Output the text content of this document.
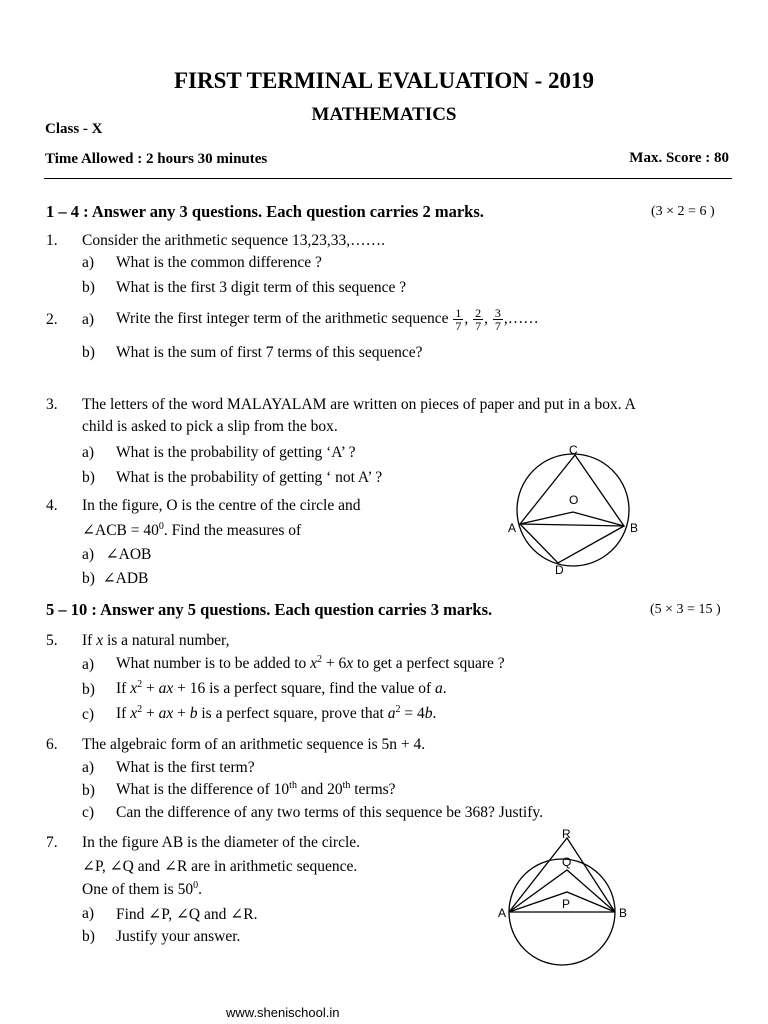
FIRST TERMINAL EVALUATION - 2019
MATHEMATICS
Class - X
Time Allowed : 2 hours 30 minutes	Max. Score : 80
1 – 4 : Answer any 3 questions. Each question carries 2 marks.	(3 × 2 = 6 )
1. Consider the arithmetic sequence 13,23,33,…….
a) What is the common difference ?
b) What is the first 3 digit term of this sequence ?
2. a) Write the first integer term of the arithmetic sequence $\frac{1}{7}$ , $\frac{2}{7}$ , $\frac{3}{7}$ ,……
b) What is the sum of first 7 terms of this sequence?
3. The letters of the word MALAYALAM are written on pieces of paper and put in a box. A
child is asked to pick a slip from the box.
a) What is the probability of getting ‘A’ ?
b) What is the probability of getting ‘ not A’ ?
4. In the figure, O is the centre of the circle and
∠ACB = $40^0$. Find the measures of
a) ∠AOB
b) ∠ADB
C
O
A	B
D
5 – 10 : Answer any 5 questions. Each question carries 3 marks.	(5 × 3 = 15 )
5. If x is a natural number,
a) What number is to be added to $x^2 + 6x$ to get a perfect square ?
b) If $x^2$ + ax + 16 is a perfect square, find the value of a.
c) If $x^2$ + ax + b is a perfect square, prove that $a^2 = 4b$.
6. The algebraic form of an arithmetic sequence is 5n + 4.
a) What is the first term?
b) What is the difference of 10th and 20th terms?
c) Can the difference of any two terms of this sequence be 368? Justify.
7. In the figure AB is the diameter of the circle.
∠P, ∠Q and ∠R are in arithmetic sequence.
One of them is $50^0$.
a) Find ∠P, ∠Q and ∠R.
b) Justify your answer.
R
Q
P
A	B
www.shenischool.in
